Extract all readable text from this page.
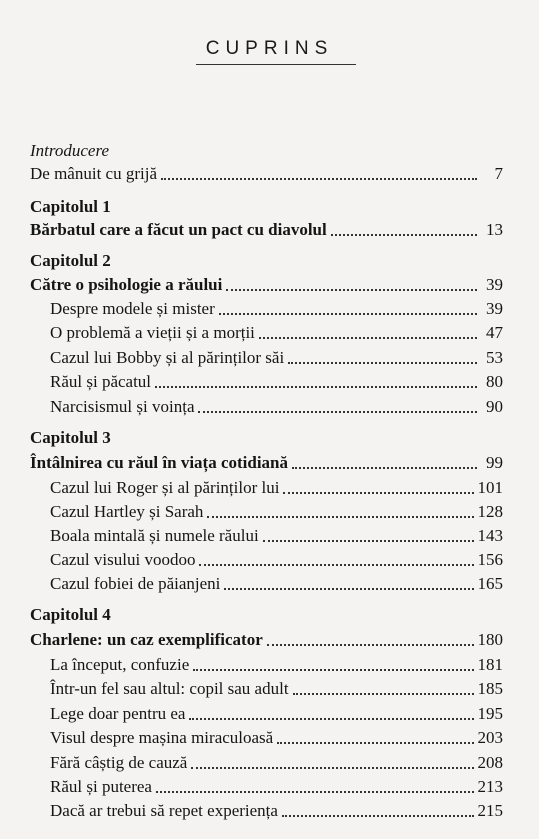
CUPRINS
Introducere
De mânuit cu grijă	7
Capitolul 1
Bărbatul care a făcut un pact cu diavolul	13
Capitolul 2
Către o psihologie a răului	39
Despre modele și mister	39
O problemă a vieții și a morții	47
Cazul lui Bobby și al părinților săi	53
Răul și păcatul	80
Narcisismul și voința	90
Capitolul 3
Întâlnirea cu răul în viața cotidiană	99
Cazul lui Roger și al părinților lui	101
Cazul Hartley și Sarah	128
Boala mintală și numele răului	143
Cazul visului voodoo	156
Cazul fobiei de păianjeni	165
Capitolul 4
Charlene: un caz exemplificator	180
La început, confuzie	181
Într-un fel sau altul: copil sau adult	185
Lege doar pentru ea	195
Visul despre mașina miraculoasă	203
Fără câștig de cauză	208
Răul și puterea	213
Dacă ar trebui să repet experiența	215
